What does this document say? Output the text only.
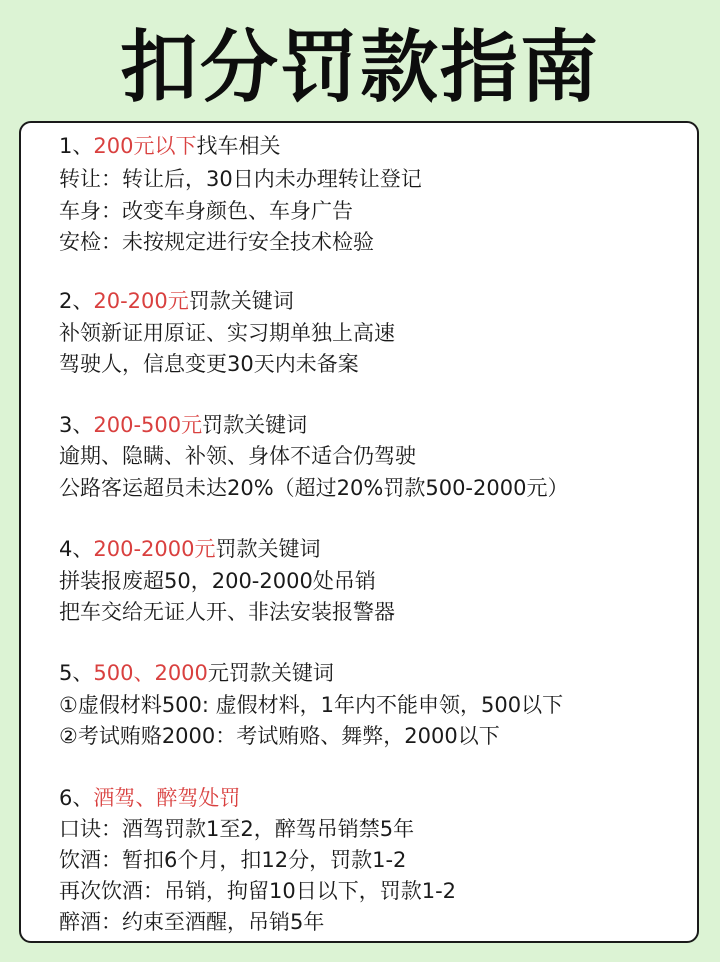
扣分罚款指南
1、200元以下找车相关
转让：转让后，30日内未办理转让登记
车身：改变车身颜色、车身广告
安检：未按规定进行安全技术检验
2、20-200元罚款关键词
补领新证用原证、实习期单独上高速
驾驶人，信息变更30天内未备案
3、200-500元罚款关键词
逾期、隐瞒、补领、身体不适合仍驾驶
公路客运超员未达20%（超过20%罚款500-2000元）
4、200-2000元罚款关键词
拼装报废超50，200-2000处吊销
把车交给无证人开、非法安装报警器
5、500、2000元罚款关键词
①虚假材料500: 虚假材料，1年内不能申领，500以下
②考试贿赂2000：考试贿赂、舞弊，2000以下
6、酒驾、醉驾处罚
口诀：酒驾罚款1至2，醉驾吊销禁5年
饮酒：暂扣6个月，扣12分，罚款1-2
再次饮酒：吊销，拘留10日以下，罚款1-2
醉酒：约束至酒醒，吊销5年
